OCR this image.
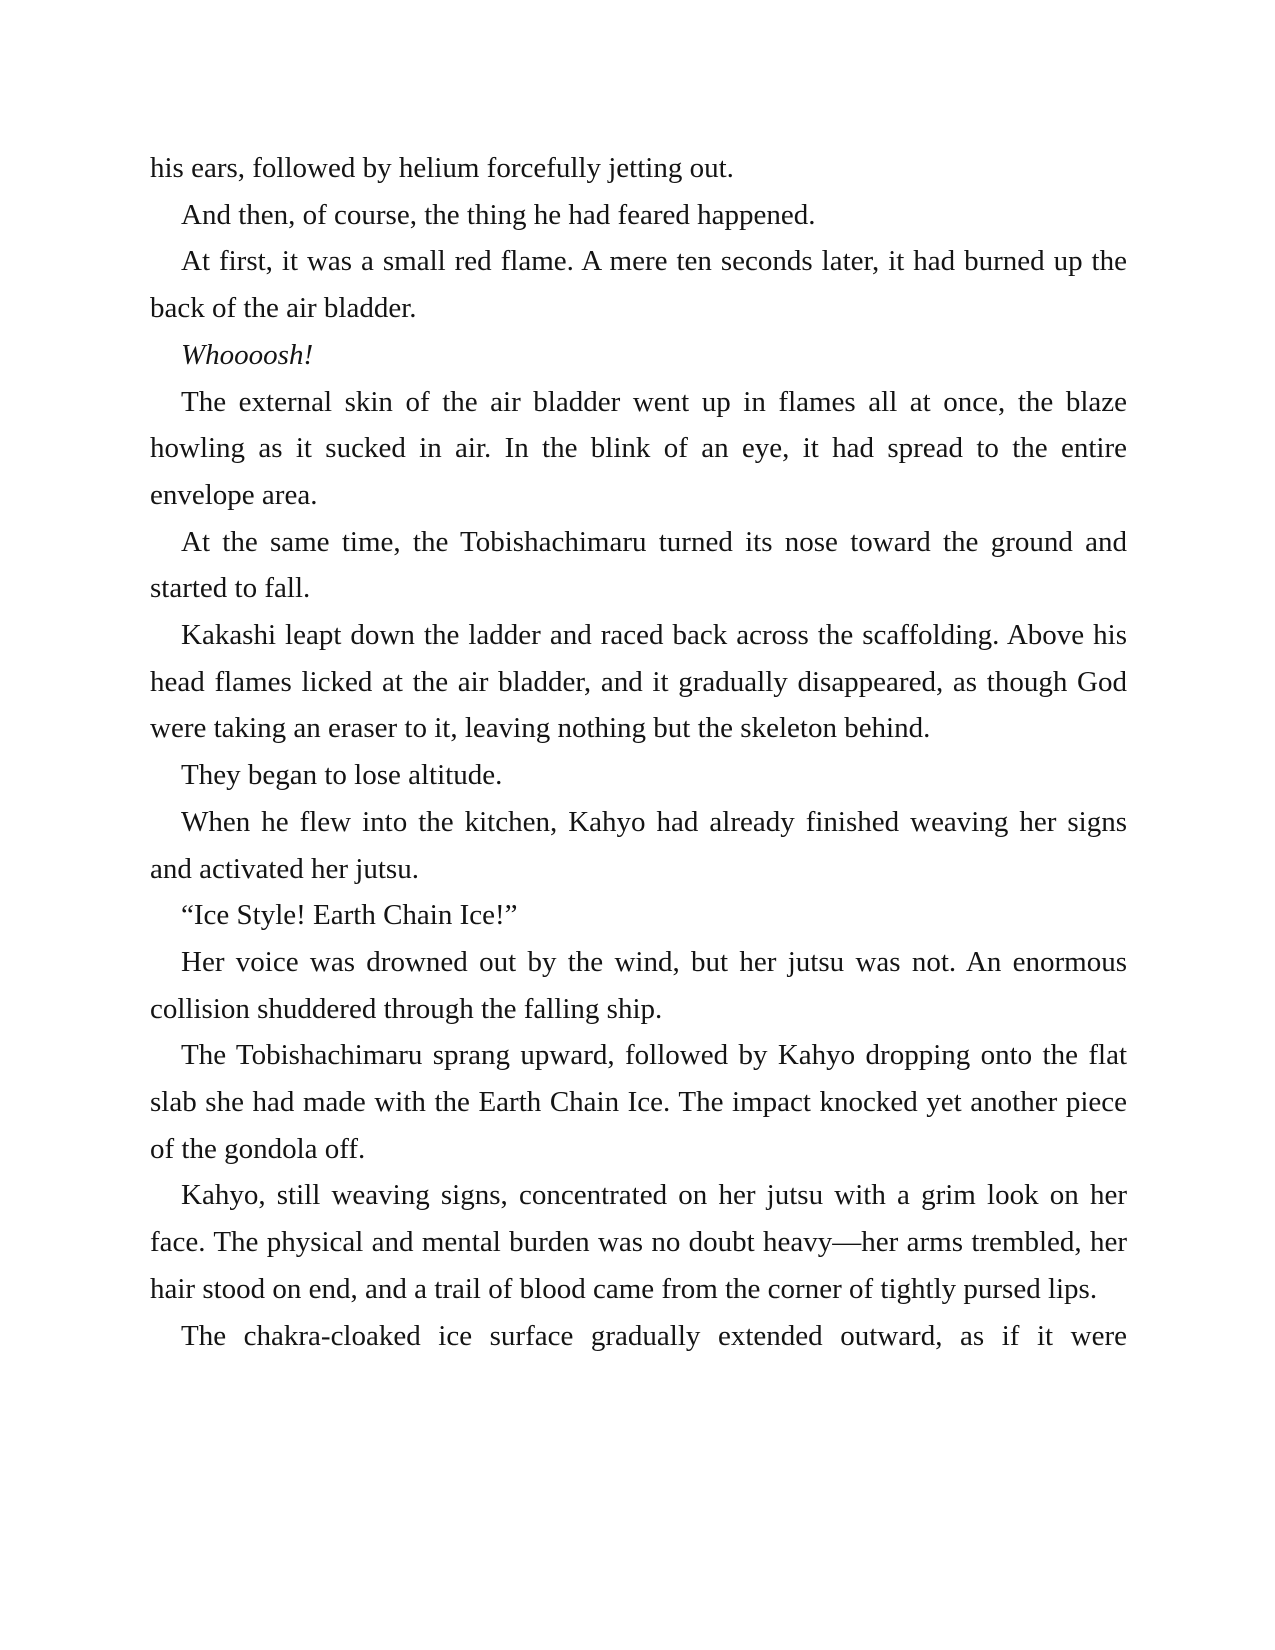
his ears, followed by helium forcefully jetting out.

And then, of course, the thing he had feared happened.

At first, it was a small red flame. A mere ten seconds later, it had burned up the back of the air bladder.

Whoooosh!

The external skin of the air bladder went up in flames all at once, the blaze howling as it sucked in air. In the blink of an eye, it had spread to the entire envelope area.

At the same time, the Tobishachimaru turned its nose toward the ground and started to fall.

Kakashi leapt down the ladder and raced back across the scaffolding. Above his head flames licked at the air bladder, and it gradually disappeared, as though God were taking an eraser to it, leaving nothing but the skeleton behind.

They began to lose altitude.

When he flew into the kitchen, Kahyo had already finished weaving her signs and activated her jutsu.

“Ice Style! Earth Chain Ice!”

Her voice was drowned out by the wind, but her jutsu was not. An enormous collision shuddered through the falling ship.

The Tobishachimaru sprang upward, followed by Kahyo dropping onto the flat slab she had made with the Earth Chain Ice. The impact knocked yet another piece of the gondola off.

Kahyo, still weaving signs, concentrated on her jutsu with a grim look on her face. The physical and mental burden was no doubt heavy—her arms trembled, her hair stood on end, and a trail of blood came from the corner of tightly pursed lips.

The chakra-cloaked ice surface gradually extended outward, as if it were
